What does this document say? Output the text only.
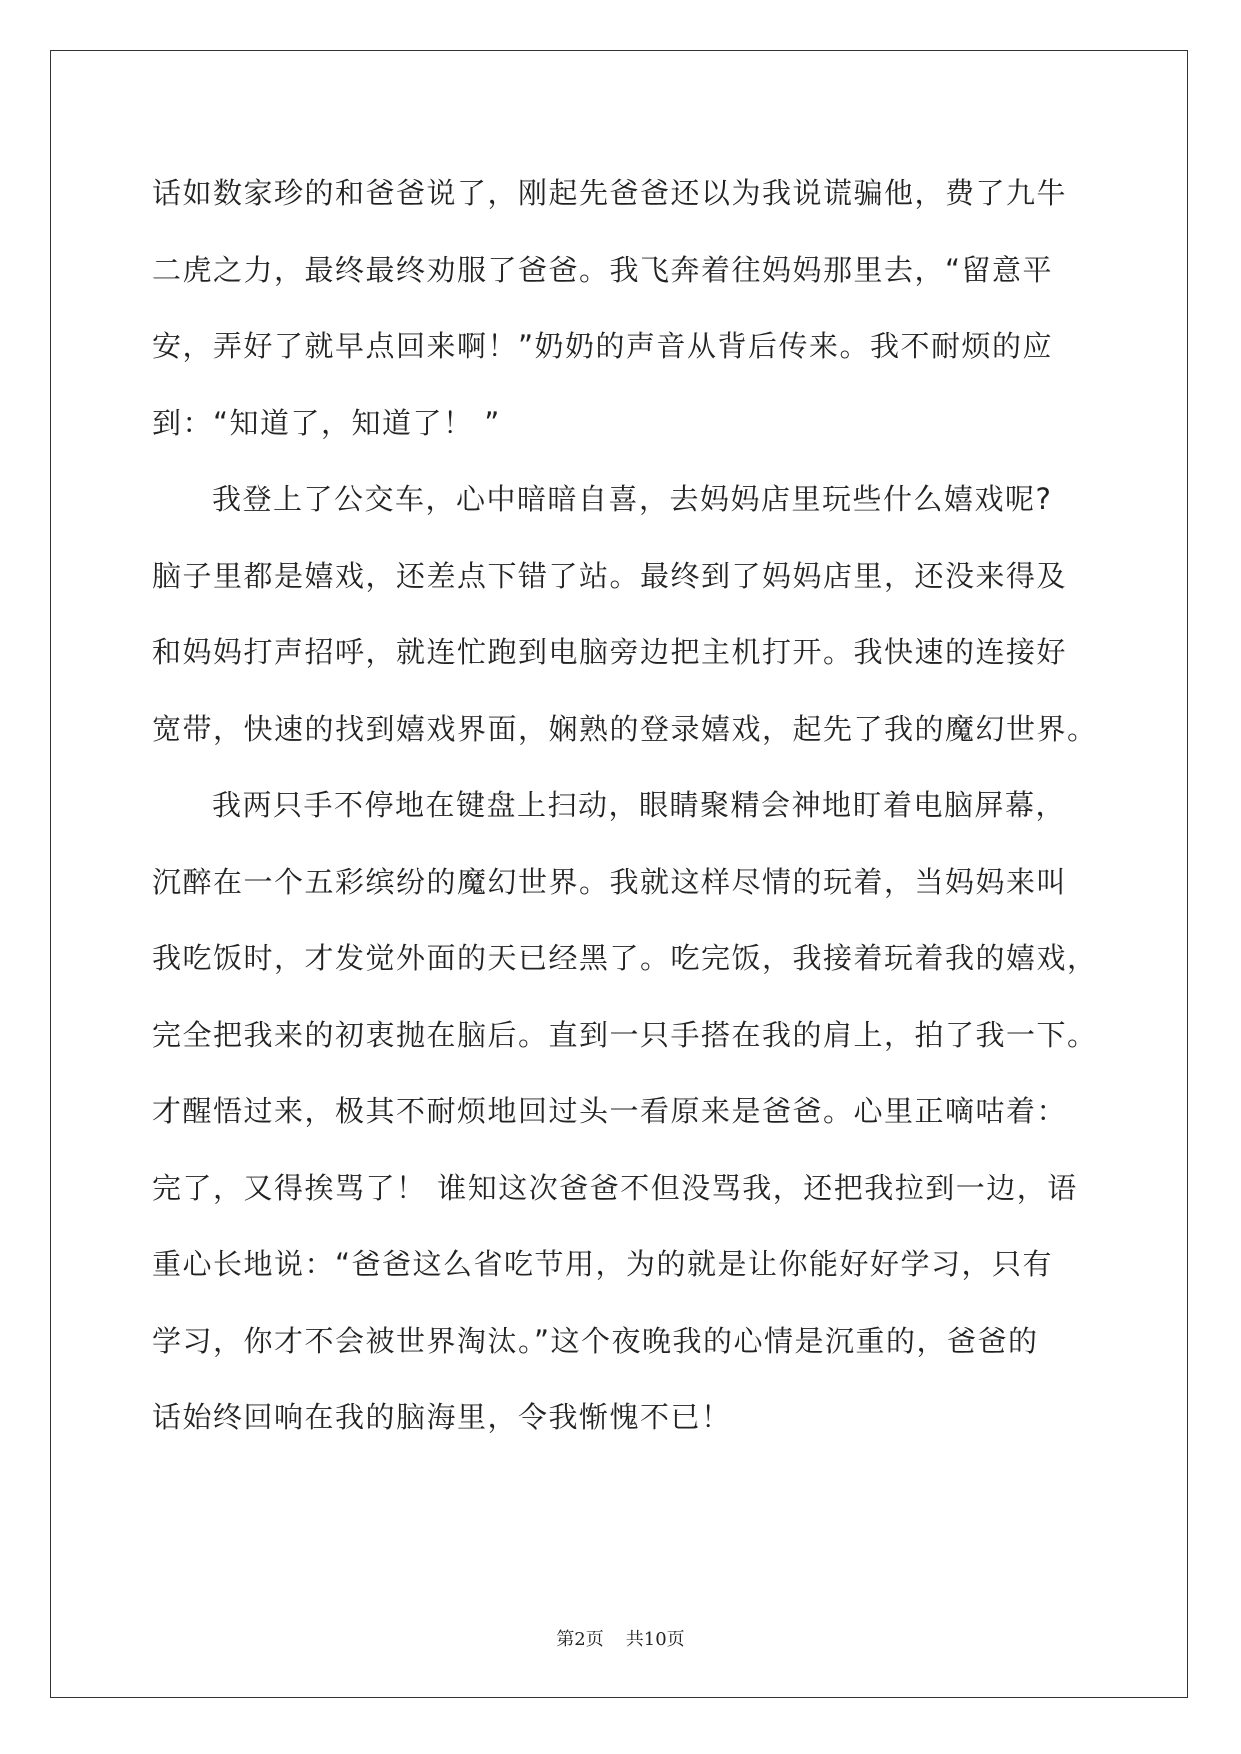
话如数家珍的和爸爸说了，刚起先爸爸还以为我说谎骗他，费了九牛
二虎之力，最终最终劝服了爸爸。我飞奔着往妈妈那里去，“留意平
安，弄好了就早点回来啊！”奶奶的声音从背后传来。我不耐烦的应
到：“知道了，知道了！ ”
我登上了公交车，心中暗暗自喜，去妈妈店里玩些什么嬉戏呢?
脑子里都是嬉戏，还差点下错了站。最终到了妈妈店里，还没来得及
和妈妈打声招呼，就连忙跑到电脑旁边把主机打开。我快速的连接好
宽带，快速的找到嬉戏界面，娴熟的登录嬉戏，起先了我的魔幻世界。
我两只手不停地在键盘上扫动，眼睛聚精会神地盯着电脑屏幕，
沉醉在一个五彩缤纷的魔幻世界。我就这样尽情的玩着，当妈妈来叫
我吃饭时，才发觉外面的天已经黑了。吃完饭，我接着玩着我的嬉戏，
完全把我来的初衷抛在脑后。直到一只手搭在我的肩上，拍了我一下。
才醒悟过来，极其不耐烦地回过头一看原来是爸爸。心里正嘀咕着：
完了，又得挨骂了！ 谁知这次爸爸不但没骂我，还把我拉到一边，语
重心长地说：“爸爸这么省吃节用，为的就是让你能好好学习，只有
学习，你才不会被世界淘汰。”这个夜晚我的心情是沉重的，爸爸的
话始终回响在我的脑海里，令我惭愧不已！
第2页 共10页
